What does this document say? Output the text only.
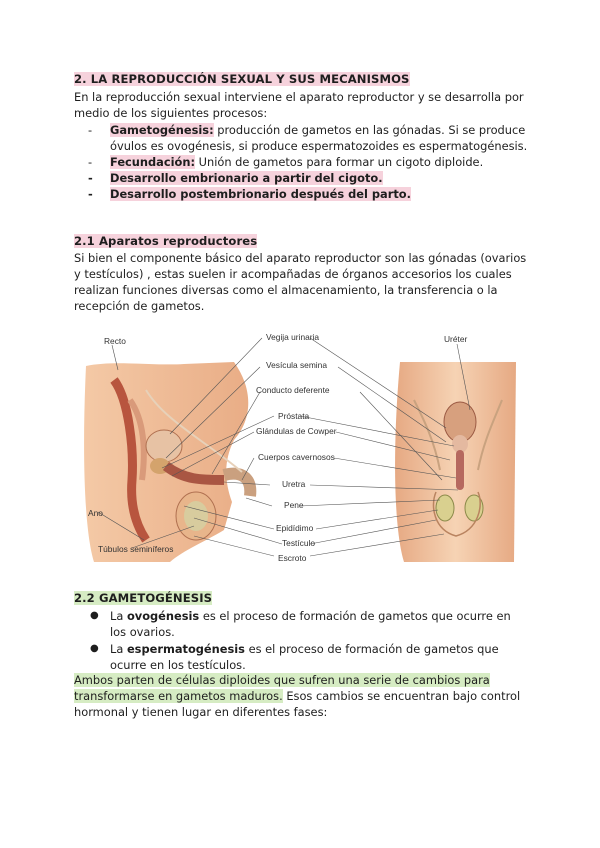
2. LA REPRODUCCIÓN SEXUAL Y SUS MECANISMOS
En la reproducción sexual interviene el aparato reproductor y se desarrolla por medio de los siguientes procesos:
- Gametogénesis: producción de gametos en las gónadas. Si se produce óvulos es ovogénesis, si produce espermatozoides es espermatogénesis.
- Fecundación: Unión de gametos para formar un cigoto diploide.
- Desarrollo embrionario a partir del cigoto.
- Desarrollo postembrionario después del parto.
2.1 Aparatos reproductores
Si bien el componente básico del aparato reproductor son las gónadas (ovarios y testículos) , estas suelen ir acompañadas de órganos accesorios los cuales realizan funciones diversas como el almacenamiento, la transferencia o la recepción de gametos.
Recto	Vegija urinaria
Vesícula semina
Conducto deferente
Próstata
Glándulas de Cowper
Cuerpos cavernosos
Uretra
Pene
Epidídimo
Testículo
Escroto
Ano
Túbulos seminíferos
Uréter
2.2 GAMETOGÉNESIS
● La ovogénesis es el proceso de formación de gametos que ocurre en los ovarios.
● La espermatogénesis es el proceso de formación de gametos que ocurre en los testículos.
Ambos parten de células diploides que sufren una serie de cambios para transformarse en gametos maduros. Esos cambios se encuentran bajo control hormonal y tienen lugar en diferentes fases:
